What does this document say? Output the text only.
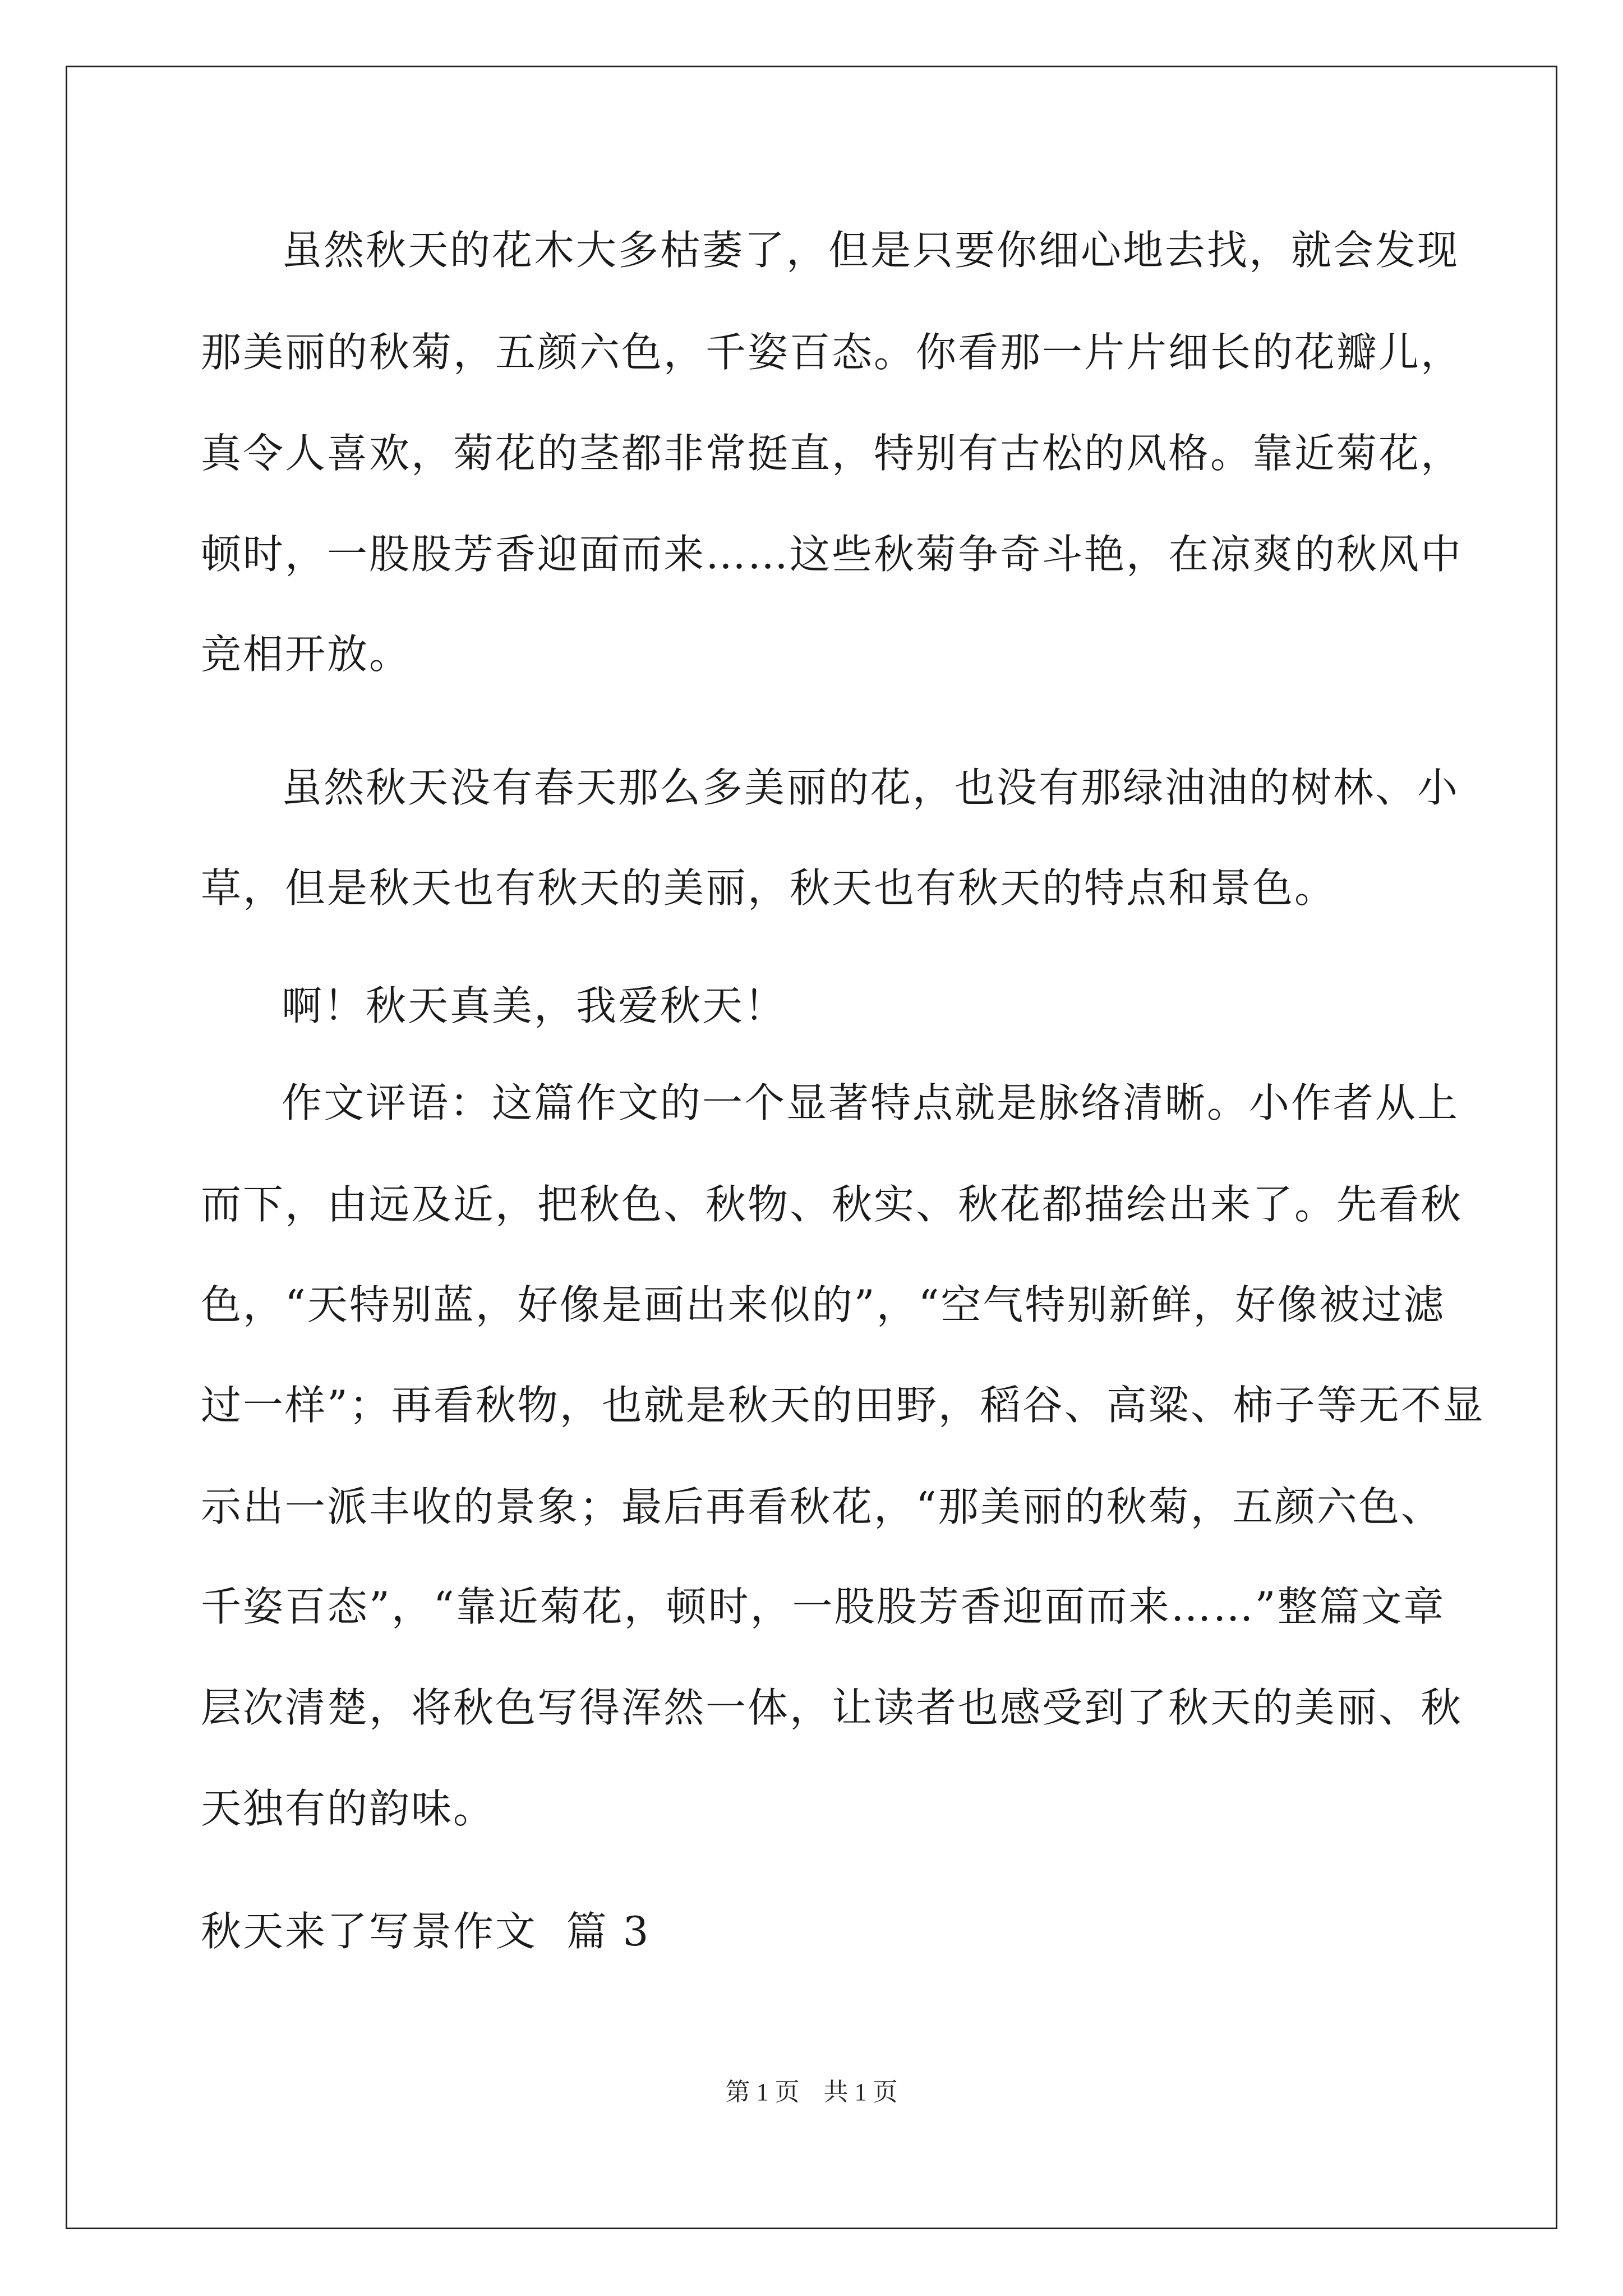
虽然秋天的花木大多枯萎了，但是只要你细心地去找，就会发现
那美丽的秋菊，五颜六色，千姿百态。你看那一片片细长的花瓣儿，
真令人喜欢，菊花的茎都非常挺直，特别有古松的风格。靠近菊花，
顿时，一股股芳香迎面而来……这些秋菊争奇斗艳，在凉爽的秋风中
竞相开放。
虽然秋天没有春天那么多美丽的花，也没有那绿油油的树林、小
草，但是秋天也有秋天的美丽，秋天也有秋天的特点和景色。
啊！秋天真美，我爱秋天！
作文评语：这篇作文的一个显著特点就是脉络清晰。小作者从上
而下，由远及近，把秋色、秋物、秋实、秋花都描绘出来了。先看秋
色，“天特别蓝，好像是画出来似的”，“空气特别新鲜，好像被过滤
过一样”；再看秋物，也就是秋天的田野，稻谷、高粱、柿子等无不显
示出一派丰收的景象；最后再看秋花，“那美丽的秋菊，五颜六色、
千姿百态”，“靠近菊花，顿时，一股股芳香迎面而来……”整篇文章
层次清楚，将秋色写得浑然一体，让读者也感受到了秋天的美丽、秋
天独有的韵味。
秋天来了写景作文  篇 3
第 1 页 共 1 页
